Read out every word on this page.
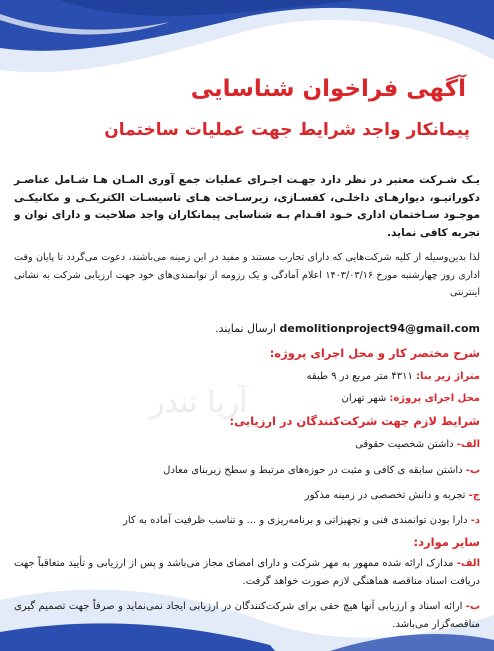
آگهی فراخوان شناسایی
پیمانکار واجد شرایط جهت عملیات ساختمان
یـک شـرکت معتبر در نظر دارد جهـت اجـرای عملیات جمع آوری المـان هـا شـامل عناصـر دکوراتیـو، دیوارهـای داخلـی، کفسـازی، زیرسـاخت هـای تاسیسـات الکتریکـی و مکانیکـی موجـود سـاختمان اداری خـود اقـدام بـه شناسایی پیمانکاران واجد صلاحیت و دارای توان و تجربه کافی نماید.
لذا بدین‌وسیله از کلیه شرکت‌هایی که دارای تجارب مستند و مفید در این زمینه می‌باشند، دعوت می‌گردد تا پایان وقت اداری روز چهارشنبه مورخ ۱۴۰۳/۰۳/۱۶ اعلام آمادگی و یک رزومه از توانمندی‌های خود جهت ارزیابی شرکت به نشانی اینترنتی
demolitionproject94@gmail.com ارسال نمایند.
شرح مختصر کار و محل اجرای پروژه:
متراژ زیر بنا: ۴۳۱۱ متر مربع در ۹ طبقه
محل اجرای پروژه: شهر تهران
شرایط لازم جهت شرکت‌کنندگان در ارزیابی:
الف- داشتن شخصیت حقوقی
ب- داشتن سابقه ی کافی و مثبت در حوزه‌های مرتبط و سطح زیربنای معادل
ج- تجربه و دانش تخصصی در زمینه مذکور
د- دارا بودن توانمندی فنی و تجهیزاتی و برنامه‌ریزی و ... و تناسب ظرفیت آماده به کار
سایر موارد:
الف- مدارک ارائه شده ممهور به مهر شرکت و دارای امضای مجاز می‌باشد و پس از ارزیابی و تأیید متعاقباً جهت دریافت اسناد مناقصه هماهنگی لازم صورت خواهد گرفت.
ب- ارائه اسناد و ارزیابی آنها هیچ حقی برای شرکت‌کنندگان در ارزیابی ایجاد نمی‌نماید و صرفاً جهت تصمیم گیری مناقصه‌گزار می‌باشد.
آریا تندر
